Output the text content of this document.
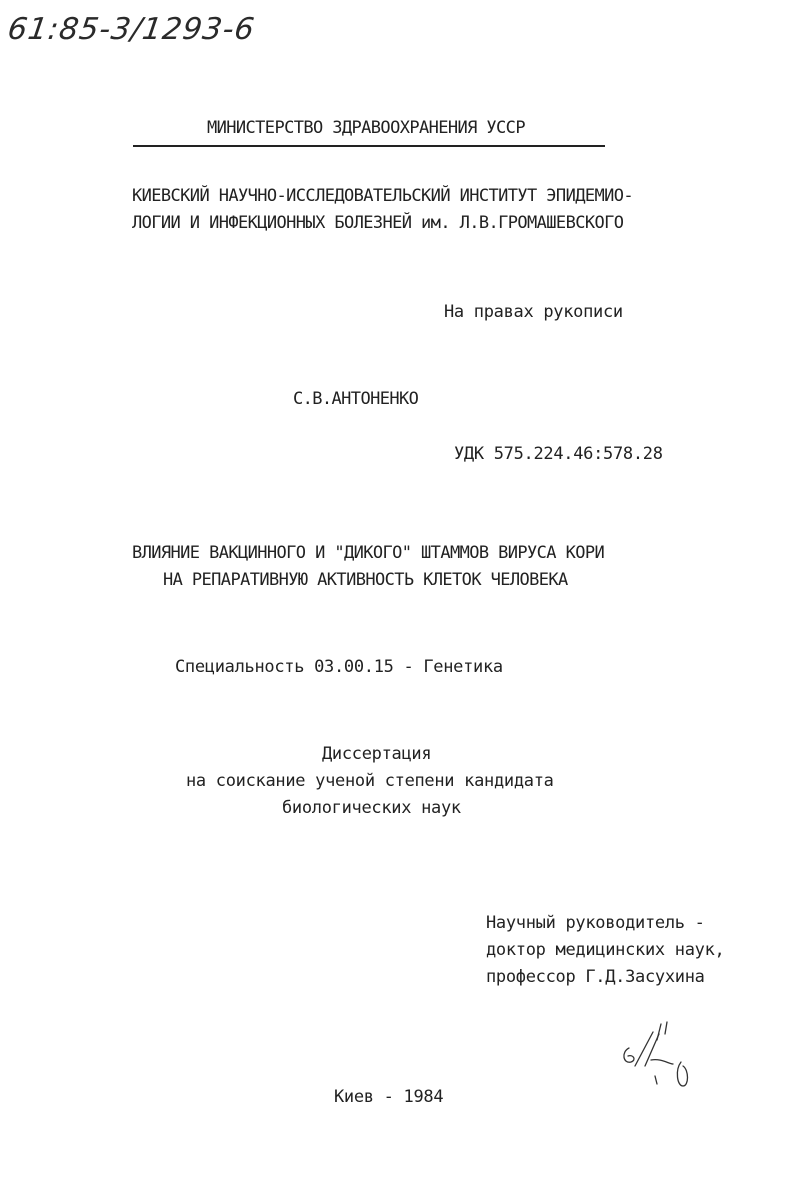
61:85-3/1293-6
МИНИСТЕРСТВО ЗДРАВООХРАНЕНИЯ УССР
КИЕВСКИЙ НАУЧНО-ИССЛЕДОВАТЕЛЬСКИЙ ИНСТИТУТ ЭПИДЕМИО-
ЛОГИИ И ИНФЕКЦИОННЫХ БОЛЕЗНЕЙ им. Л.В.ГРОМАШЕВСКОГО
На правах рукописи
С.В.АНТОНЕНКО
УДК 575.224.46:578.28
ВЛИЯНИЕ ВАКЦИННОГО И "ДИКОГО" ШТАММОВ ВИРУСА КОРИ
НА РЕПАРАТИВНУЮ АКТИВНОСТЬ КЛЕТОК ЧЕЛОВЕКА
Специальность 03.00.15 - Генетика
Диссертация
на соискание ученой степени кандидата
биологических наук
Научный руководитель -
доктор медицинских наук,
профессор Г.Д.Засухина
Киев - 1984
